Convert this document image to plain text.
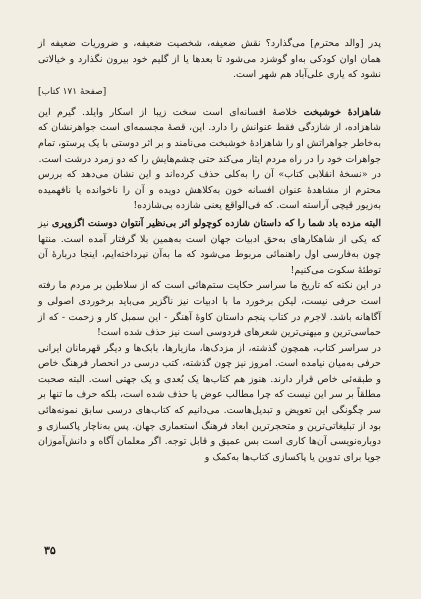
پدر [والد محترم] می‌گذارد؟ نقش ضعیفه، شخصیت ضعیفه، و ضروریات ضعیفه از همان اوان کودکی به‌او گوشزد می‌شود تا بعدها یا از گلیم خود بیرون نگذارد و خیالاتی نشود که یاری علی‌آباد هم شهر است.

[صفحهٔ ۱۷۱ کتاب]

شاهزادهٔ خوشبخت خلاصهٔ افسانه‌ای است سخت زیبا از اسکار وایلد. گیرم این شاهزاده، از شازدگی فقط عنوانش را دارد. این، قصهٔ مجسمه‌ای است جواهرنشان که به‌خاطر جواهراتش او را شاهزادهٔ خوشبخت می‌نامند و بر اثر دوستی با یک پرستو، تمام جواهرات خود را در راه مردم ایثار می‌کند حتی چشم‌هایش را که دو زمرد درشت است.

در «نسخهٔ انقلابی کتاب» آن را به‌کلی حذف کرده‌اند و این نشان می‌دهد که بررس محترم از مشاهدهٔ عنوان افسانه خون به‌کلاهش دویده و آن را ناخوانده یا نافهمیده به‌زیور قیچی آراسته است. که فی‌الواقع یعنی شازده بی‌شازده!

البته مزده باد شما را که داستان شازده کوچولو اثر بی‌نظیر آنتوان دوسنت اگزوپری نیز که یکی از شاهکارهای به‌حق ادبیات جهان است به‌همین بلا گرفتار آمده است. منتها چون به‌فارسی اول راهنمائی مربوط می‌شود که ما به‌آن نپرداخته‌ایم، اینجا دربارهٔ آن توطئهٔ سکوت می‌کنیم!

در این نکته که تاریخ ما سراسر حکایت ستم‌هائی است که از سلاطین بر مردم ما رفته است حرفی نیست، لیکن برخورد ما با ادبیات نیز ناگزیر می‌باید برخوردی اصولی و آگاهانه باشد. لاجرم در کتاب پنجم داستان کاوهٔ آهنگر - این سمبل کار و زحمت - که از حماسی‌ترین و میهنی‌ترین شعرهای فردوسی است نیز حذف شده است!

در سراسر کتاب، همچون گذشته، از مزدک‌ها، مازیارها، بابک‌ها و دیگر قهرمانان ایرانی حرفی به‌میان نیامده است. امروز نیز چون گذشته، کتب درسی در انحصار فرهنگ خاص و طبقه‌ئی خاص قرار دارند. هنوز هم کتاب‌ها یک بُعدی و یک جهتی است. البته صحبت مطلقاً بر سر این نیست که چرا مطالب عوض یا حذف شده است، بلکه حرف ما تنها بر سر چگونگی این تعویض و تبدیل‌هاست. می‌دانیم که کتاب‌های درسی سابق نمونه‌هائی بود از تبلیغاتی‌ترین و متحجرترین ابعاد فرهنگ استعماری جهان. پس به‌ناچار پاکسازی و دوباره‌نویسی آن‌ها کاری است بس عمیق و قابل توجه. اگر معلمان آگاه و دانش‌آموزان جویا برای تدوین یا پاکسازی کتاب‌ها به‌کمک و

۳۵
